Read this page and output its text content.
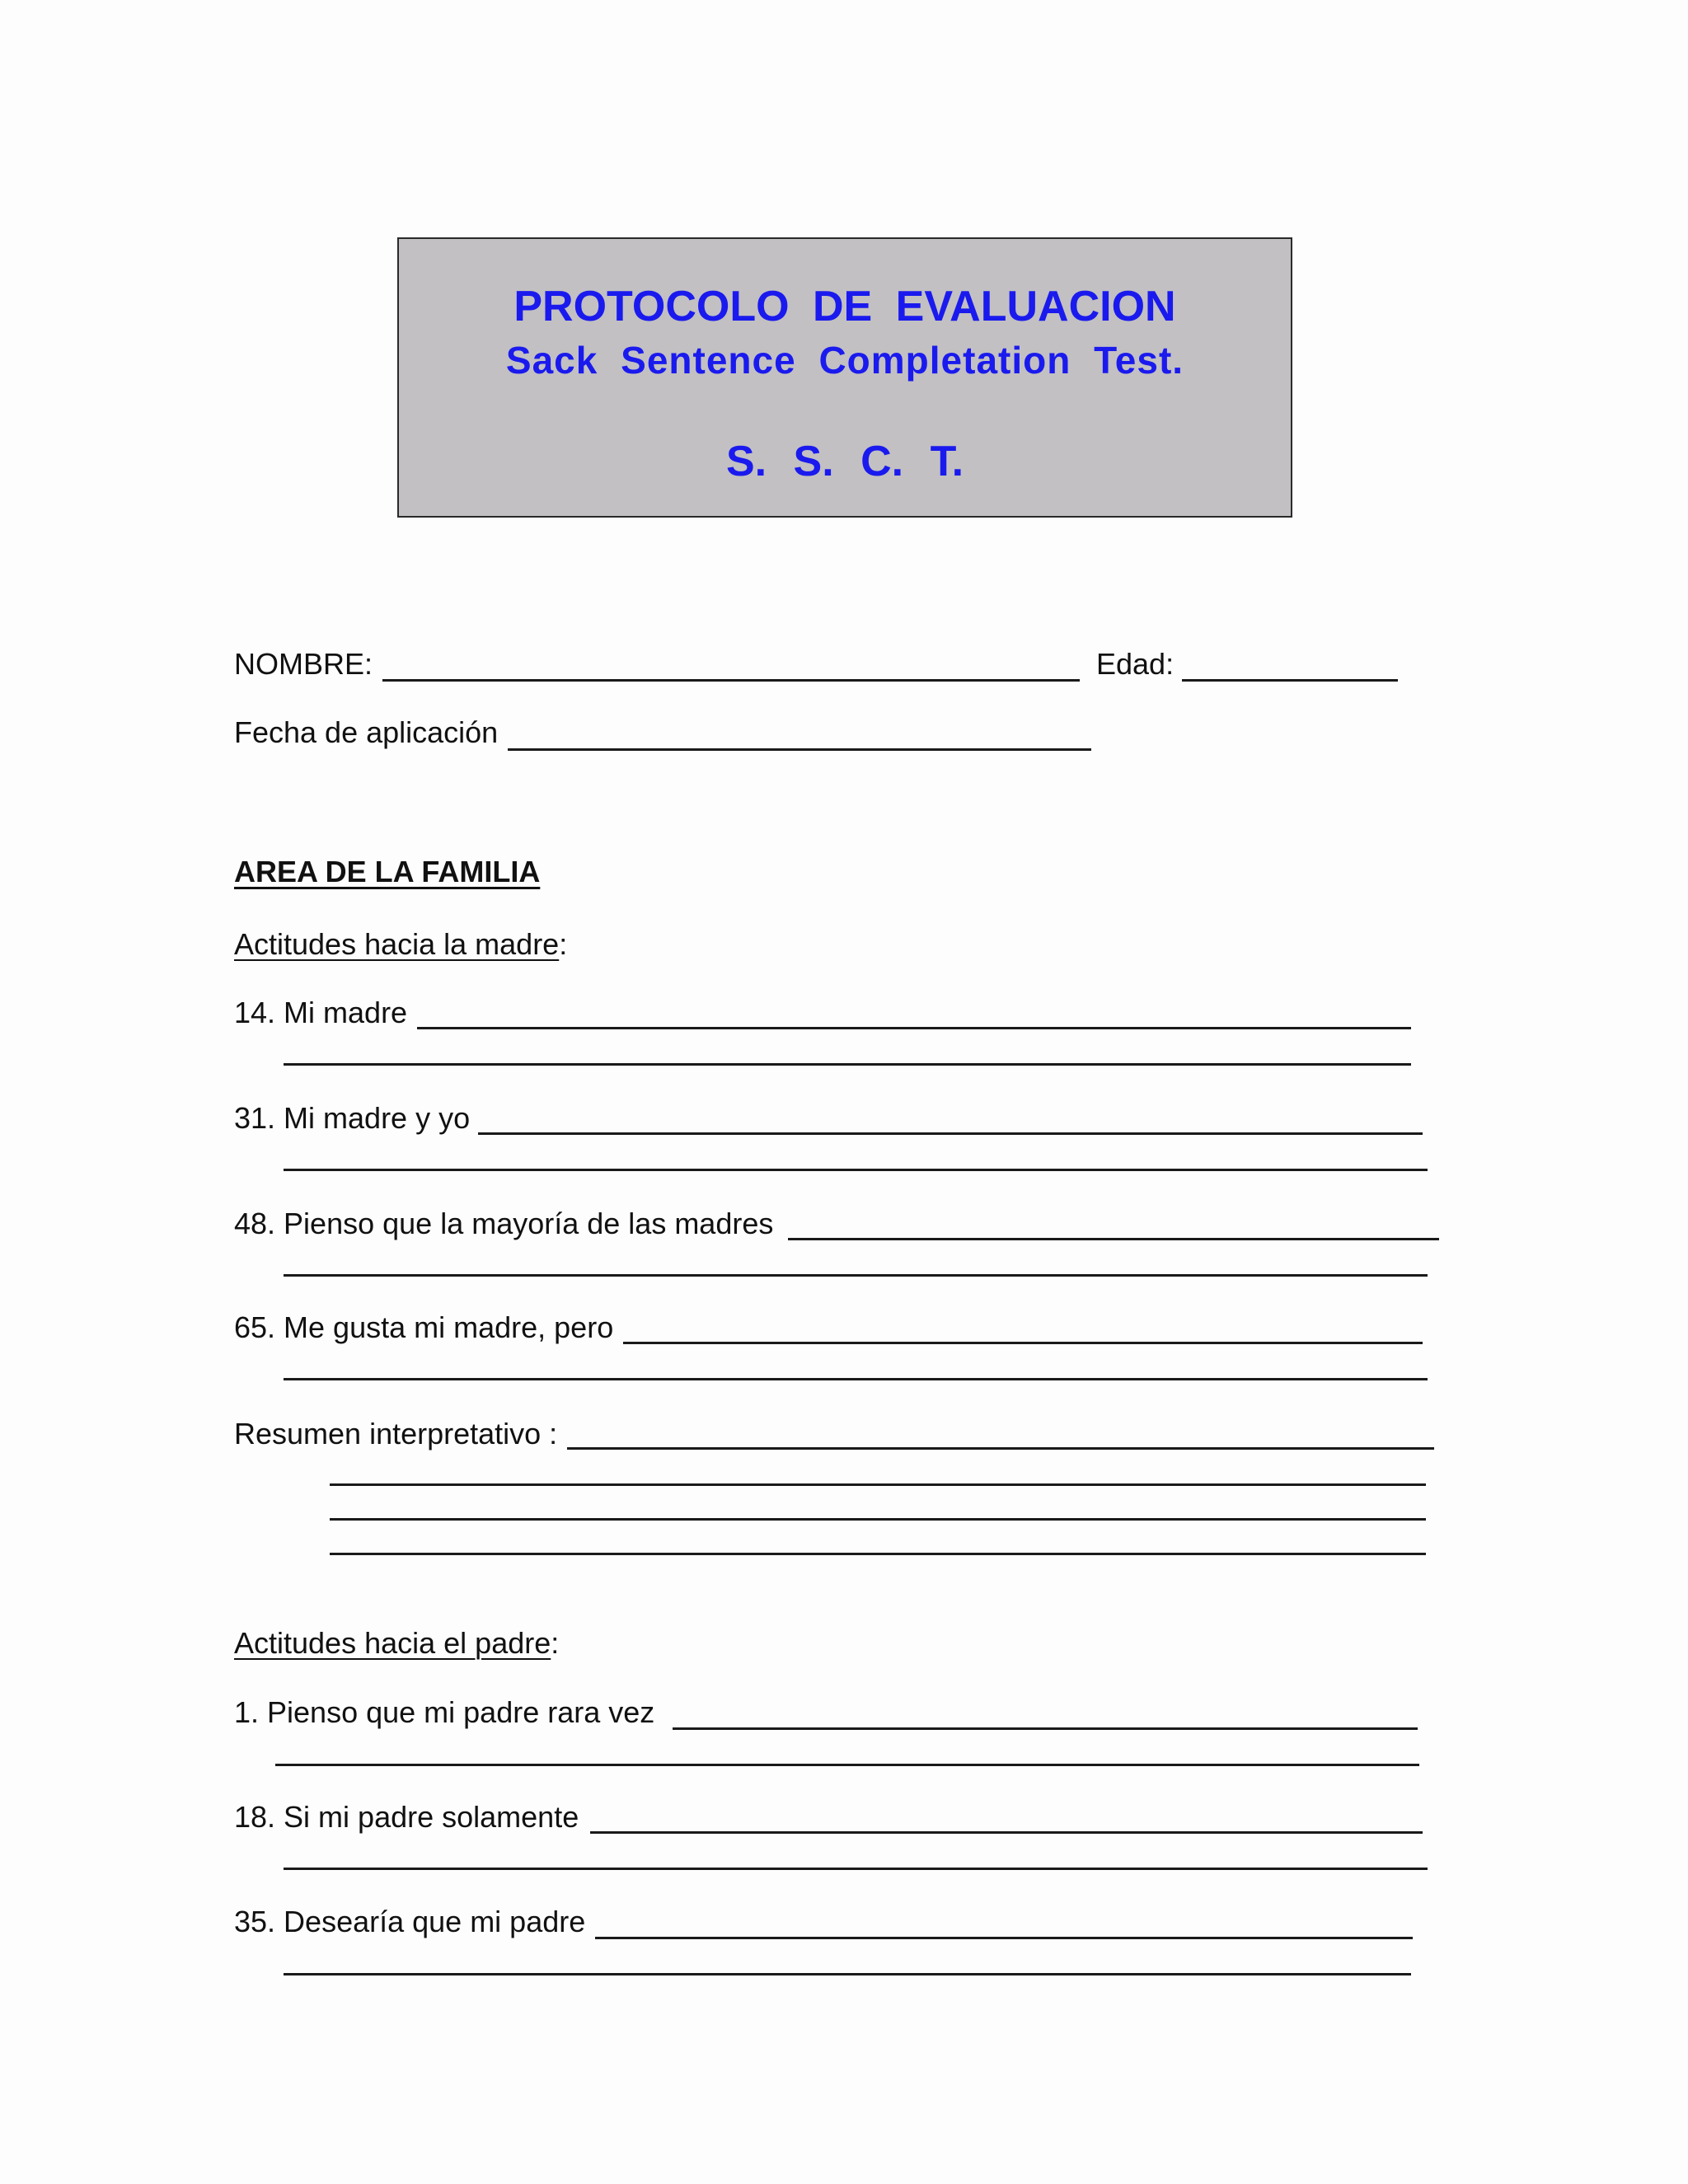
PROTOCOLO DE EVALUACION
Sack Sentence Completation Test.
S. S. C. T.
NOMBRE:	Edad:
Fecha de aplicación
AREA DE LA FAMILIA
Actitudes hacia la madre:
14. Mi madre
31. Mi madre y yo
48. Pienso que la mayoría de las madres
65. Me gusta mi madre, pero
Resumen interpretativo :
Actitudes hacia el padre:
1. Pienso que mi padre rara vez
18. Si mi padre solamente
35. Desearía que mi padre
